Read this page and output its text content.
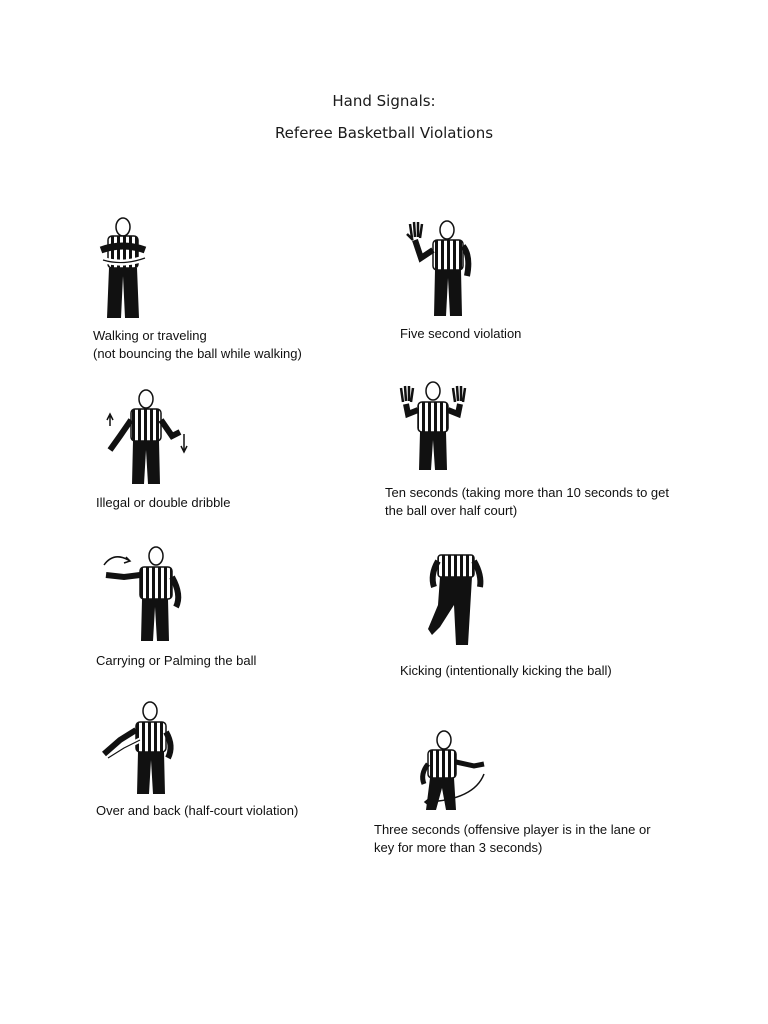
Hand Signals:
Referee Basketball Violations
Walking or traveling
(not bouncing the ball while walking)
Five second violation
Illegal or double dribble
Ten seconds (taking more than 10 seconds to get
the ball over half court)
Carrying or Palming the ball
Kicking (intentionally kicking the ball)
Over and back (half-court violation)
Three seconds (offensive player is in the lane or
key for more than 3 seconds)
